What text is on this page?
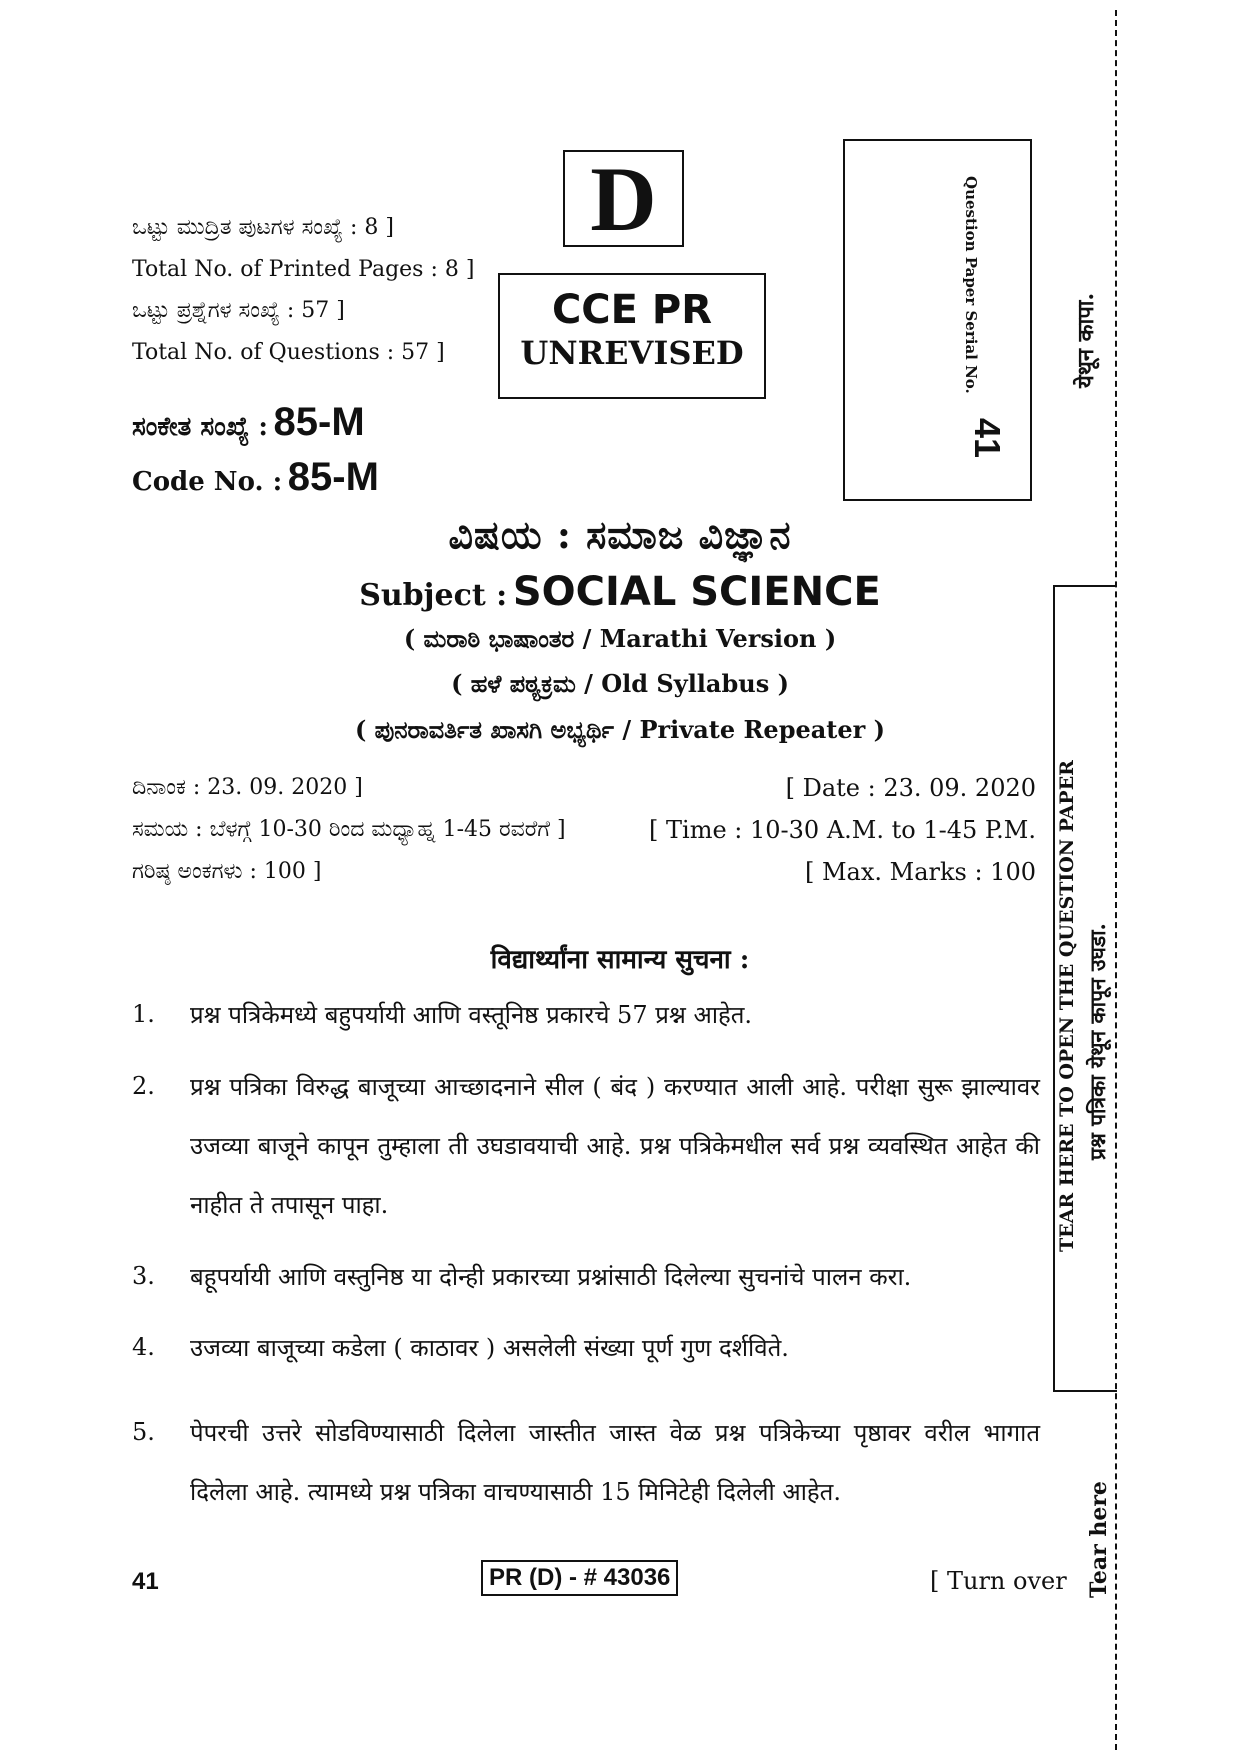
ಒಟ್ಟು ಮುದ್ರಿತ ಪುಟಗಳ ಸಂಖ್ಯೆ : 8 ]
Total No. of Printed Pages : 8 ]
ಒಟ್ಟು ಪ್ರಶ್ನೆಗಳ ಸಂಖ್ಯೆ : 57 ]
Total No. of Questions : 57 ]
ಸಂಕೇತ ಸಂಖ್ಯೆ : 85-M
Code No. : 85-M
D
CCE PR
UNREVISED	Question Paper Serial No.
41
येथून कापा.
TEAR HERE TO OPEN THE QUESTION PAPER प्रश्न पत्रिका येथून कापून उघडा.
Tear here
ವಿಷಯ : ಸಮಾಜ ವಿಜ್ಞಾನ
Subject : SOCIAL SCIENCE
( ಮರಾಠಿ ಭಾಷಾಂತರ / Marathi Version )
( ಹಳೆ ಪಠ್ಯಕ್ರಮ / Old Syllabus )
( ಪುನರಾವರ್ತಿತ ಖಾಸಗಿ ಅಭ್ಯರ್ಥಿ / Private Repeater )
ದಿನಾಂಕ : 23. 09. 2020 ]	[ Date : 23. 09. 2020
ಸಮಯ : ಬೆಳಗ್ಗೆ 10-30 ರಿಂದ ಮಧ್ಯಾಹ್ನ 1-45 ರವರೆಗೆ ]	[ Time : 10-30 A.M. to 1-45 P.M.
ಗರಿಷ್ಠ ಅಂಕಗಳು : 100 ]	[ Max. Marks : 100
विद्यार्थ्यांना सामान्य सुचना :
1.	प्रश्न पत्रिकेमध्ये बहुपर्यायी आणि वस्तूनिष्ठ प्रकारचे 57 प्रश्न आहेत.
2.	प्रश्न पत्रिका विरुद्ध बाजूच्या आच्छादनाने सील ( बंद ) करण्यात आली आहे. परीक्षा सुरू झाल्यावर उजव्या बाजूने कापून तुम्हाला ती उघडावयाची आहे. प्रश्न पत्रिकेमधील सर्व प्रश्न व्यवस्थित आहेत की नाहीत ते तपासून पाहा.
3.	बहूपर्यायी आणि वस्तुनिष्ठ या दोन्ही प्रकारच्या प्रश्नांसाठी दिलेल्या सुचनांचे पालन करा.
4.	उजव्या बाजूच्या कडेला ( काठावर ) असलेली संख्या पूर्ण गुण दर्शविते.
5.	पेपरची उत्तरे सोडविण्यासाठी दिलेला जास्तीत जास्त वेळ प्रश्न पत्रिकेच्या पृष्ठावर वरील भागात दिलेला आहे. त्यामध्ये प्रश्न पत्रिका वाचण्यासाठी 15 मिनिटेही दिलेली आहेत.
41	PR (D) - # 43036	[ Turn over
